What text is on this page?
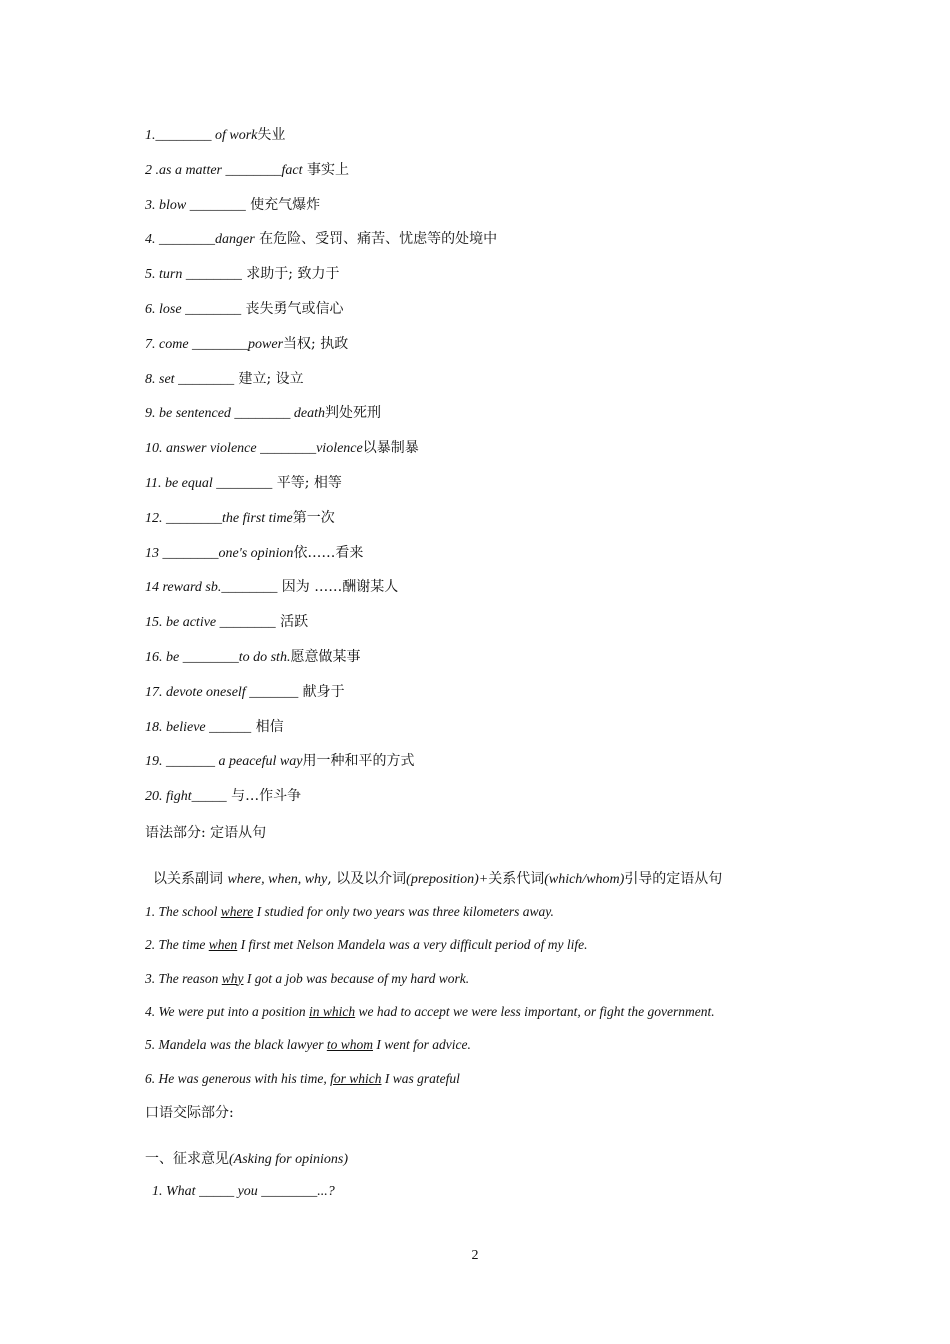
1.________ of work失业
2 .as a matter ________fact 事实上
3. blow ________ 使充气爆炸
4. ________danger 在危险、受罚、痛苦、忧虑等的处境中
5. turn ________ 求助于; 致力于
6. lose ________ 丧失勇气或信心
7. come ________power当权; 执政
8. set ________ 建立; 设立
9. be sentenced ________ death判处死刑
10. answer violence ________violence以暴制暴
11. be equal ________ 平等; 相等
12. ________the first time第一次
13 ________one's opinion依……看来
14 reward sb.________ 因为 ……酬谢某人
15. be active ________ 活跃
16. be ________to do sth.愿意做某事
17. devote oneself _______ 献身于
18. believe ______ 相信
19. _______ a peaceful way用一种和平的方式
20. fight_____ 与…作斗争
语法部分: 定语从句
以关系副词 where, when, why, 以及以介词(preposition)+关系代词(which/whom)引导的定语从句
1. The school where I studied for only two years was three kilometers away.
2. The time when I first met Nelson Mandela was a very difficult period of my life.
3. The reason why I got a job was because of my hard work.
4. We were put into a position in which we had to accept we were less important, or fight the government.
5. Mandela was the black lawyer to whom I went for advice.
6. He was generous with his time, for which I was grateful
口语交际部分:
一、征求意见(Asking for opinions)
1. What _____ you ________...?
2
